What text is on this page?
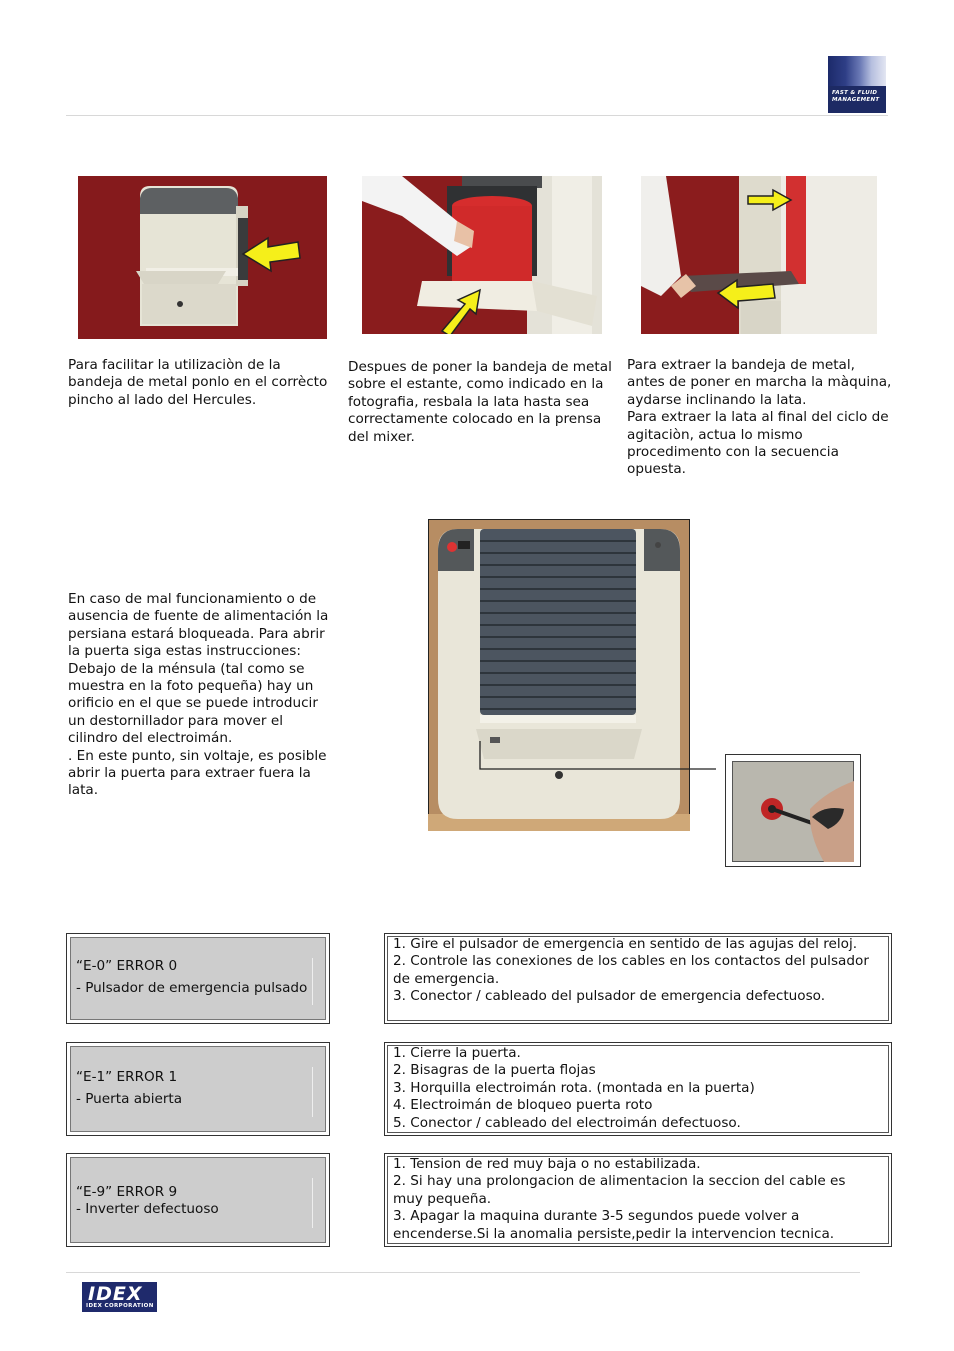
FAST & FLUID MANAGEMENT
Para facilitar la utilizaciòn de la bandeja de metal ponlo en el corrècto pincho al lado del Hercules.
Despues de poner la bandeja de metal sobre el estante, como indicado en la fotografia, resbala la lata hasta sea correctamente colocado en la prensa del mixer.
Para extraer la bandeja de metal, antes de poner en marcha la màquina, aydarse inclinando la lata.
Para extraer la lata al final del ciclo de agitaciòn, actua lo mismo procedimento con la secuencia opuesta.
En caso de mal funcionamiento o de ausencia de fuente de alimentación la persiana estará bloqueada. Para abrir la puerta siga estas instrucciones:
Debajo de la ménsula (tal como se muestra en la foto pequeña) hay un orificio en el que se puede introducir un destornillador para mover el cilindro del electroimán.
. En este punto, sin voltaje, es posible abrir la puerta para extraer fuera la lata.
“E-0” ERROR 0
- Pulsador de emergencia pulsado
1. Gire el pulsador de emergencia en sentido de las agujas del reloj.
2. Controle las conexiones de los cables en los contactos del pulsador de emergencia.
3. Conector / cableado del pulsador de emergencia defectuoso.
“E-1” ERROR 1
- Puerta abierta
1. Cierre la puerta.
2. Bisagras de la puerta flojas
3. Horquilla electroimán rota. (montada en la puerta)
4. Electroimán de bloqueo puerta roto
5. Conector / cableado del electroimán defectuoso.
“E-9” ERROR 9
- Inverter defectuoso
1. Tension de red muy baja o no estabilizada.
2. Si hay una prolongacion de alimentacion la seccion del cable es muy pequeña.
3. Apagar la maquina durante 3-5 segundos puede volver a encenderse.Si la anomalia persiste,pedir la intervencion tecnica.
IDEX
IDEX CORPORATION
